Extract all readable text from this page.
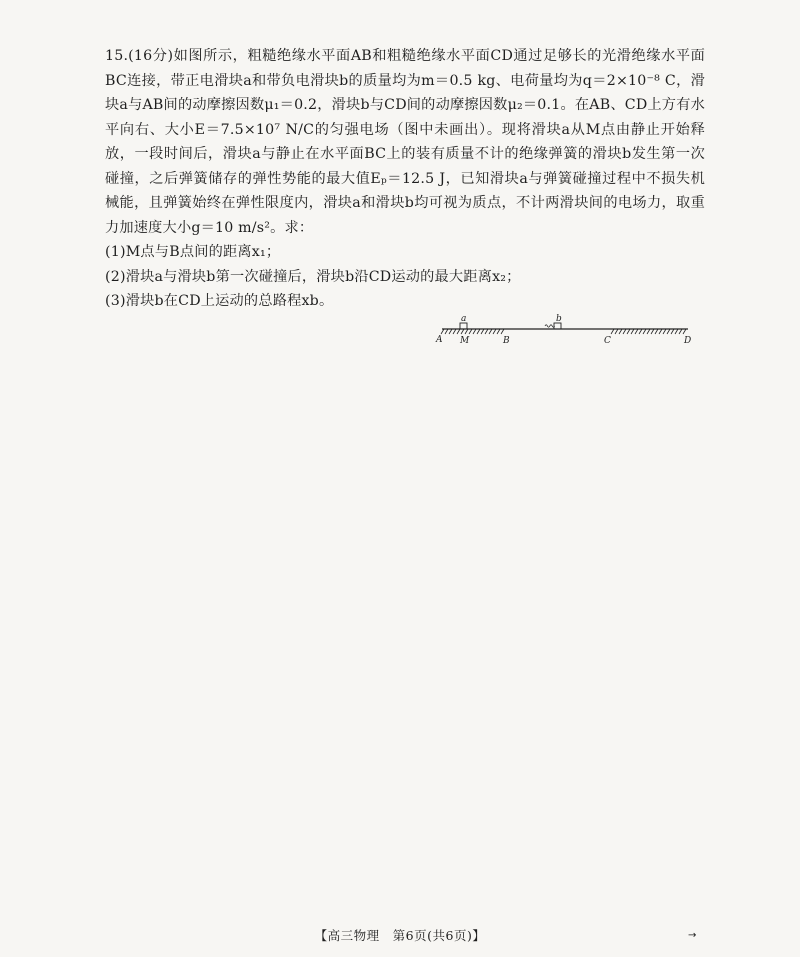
15.(16分)如图所示，粗糙绝缘水平面AB和粗糙绝缘水平面CD通过足够长的光滑绝缘水平面BC连接，带正电滑块a和带负电滑块b的质量均为m＝0.5 kg、电荷量均为q＝2×10⁻⁸ C，滑块a与AB间的动摩擦因数μ₁＝0.2，滑块b与CD间的动摩擦因数μ₂＝0.1。在AB、CD上方有水平向右、大小E＝7.5×10⁷ N/C的匀强电场（图中未画出）。现将滑块a从M点由静止开始释放，一段时间后，滑块a与静止在水平面BC上的装有质量不计的绝缘弹簧的滑块b发生第一次碰撞，之后弹簧储存的弹性势能的最大值Eₚ＝12.5 J，已知滑块a与弹簧碰撞过程中不损失机械能，且弹簧始终在弹性限度内，滑块a和滑块b均可视为质点，不计两滑块间的电场力，取重力加速度大小g＝10 m/s²。求：

(1)M点与B点间的距离x₁；

(2)滑块a与滑块b第一次碰撞后，滑块b沿CD运动的最大距离x₂；

(3)滑块b在CD上运动的总路程xb。

a	b
A M	B	C	D
【高三物理　第6页(共6页)】	→
